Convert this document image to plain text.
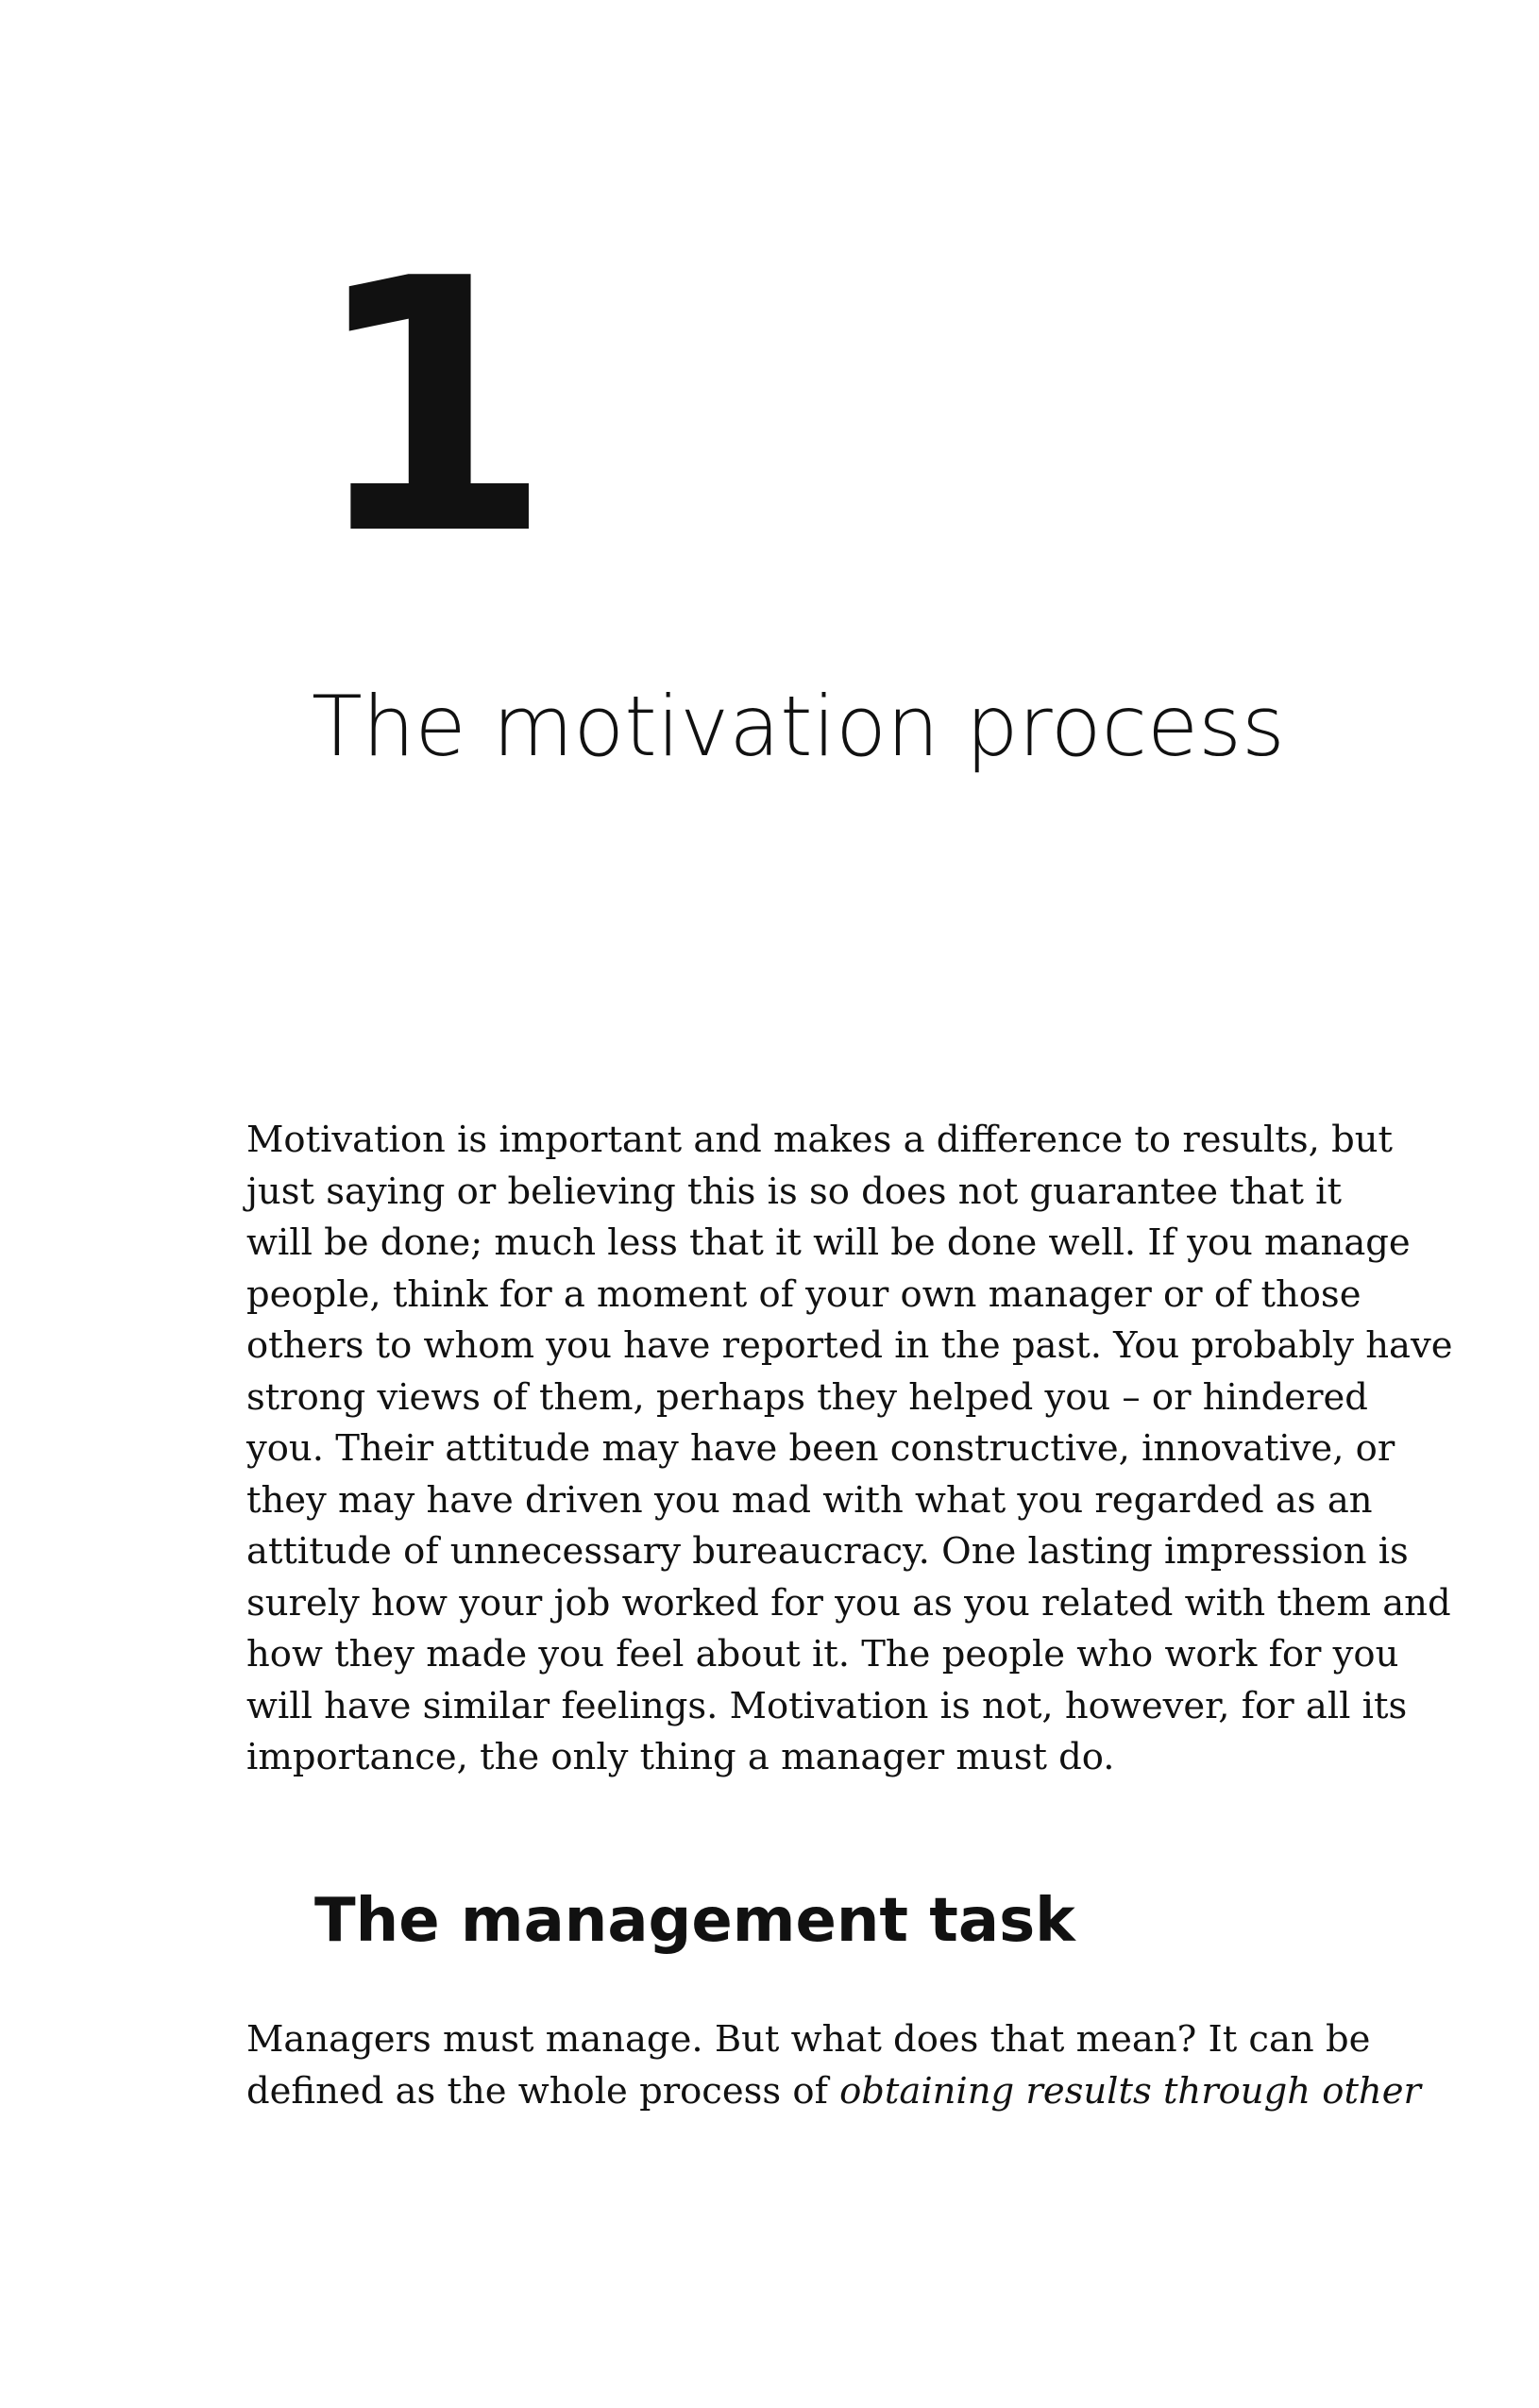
1
The motivation process

Motivation is important and makes a difference to results, but
just saying or believing this is so does not guarantee that it
will be done; much less that it will be done well. If you manage
people, think for a moment of your own manager or of those
others to whom you have reported in the past. You probably have
strong views of them, perhaps they helped you – or hindered
you. Their attitude may have been constructive, innovative, or
they may have driven you mad with what you regarded as an
attitude of unnecessary bureaucracy. One lasting impression is
surely how your job worked for you as you related with them and
how they made you feel about it. The people who work for you
will have similar feelings. Motivation is not, however, for all its
importance, the only thing a manager must do.

The management task

Managers must manage. But what does that mean? It can be
defined as the whole process of obtaining results through other
